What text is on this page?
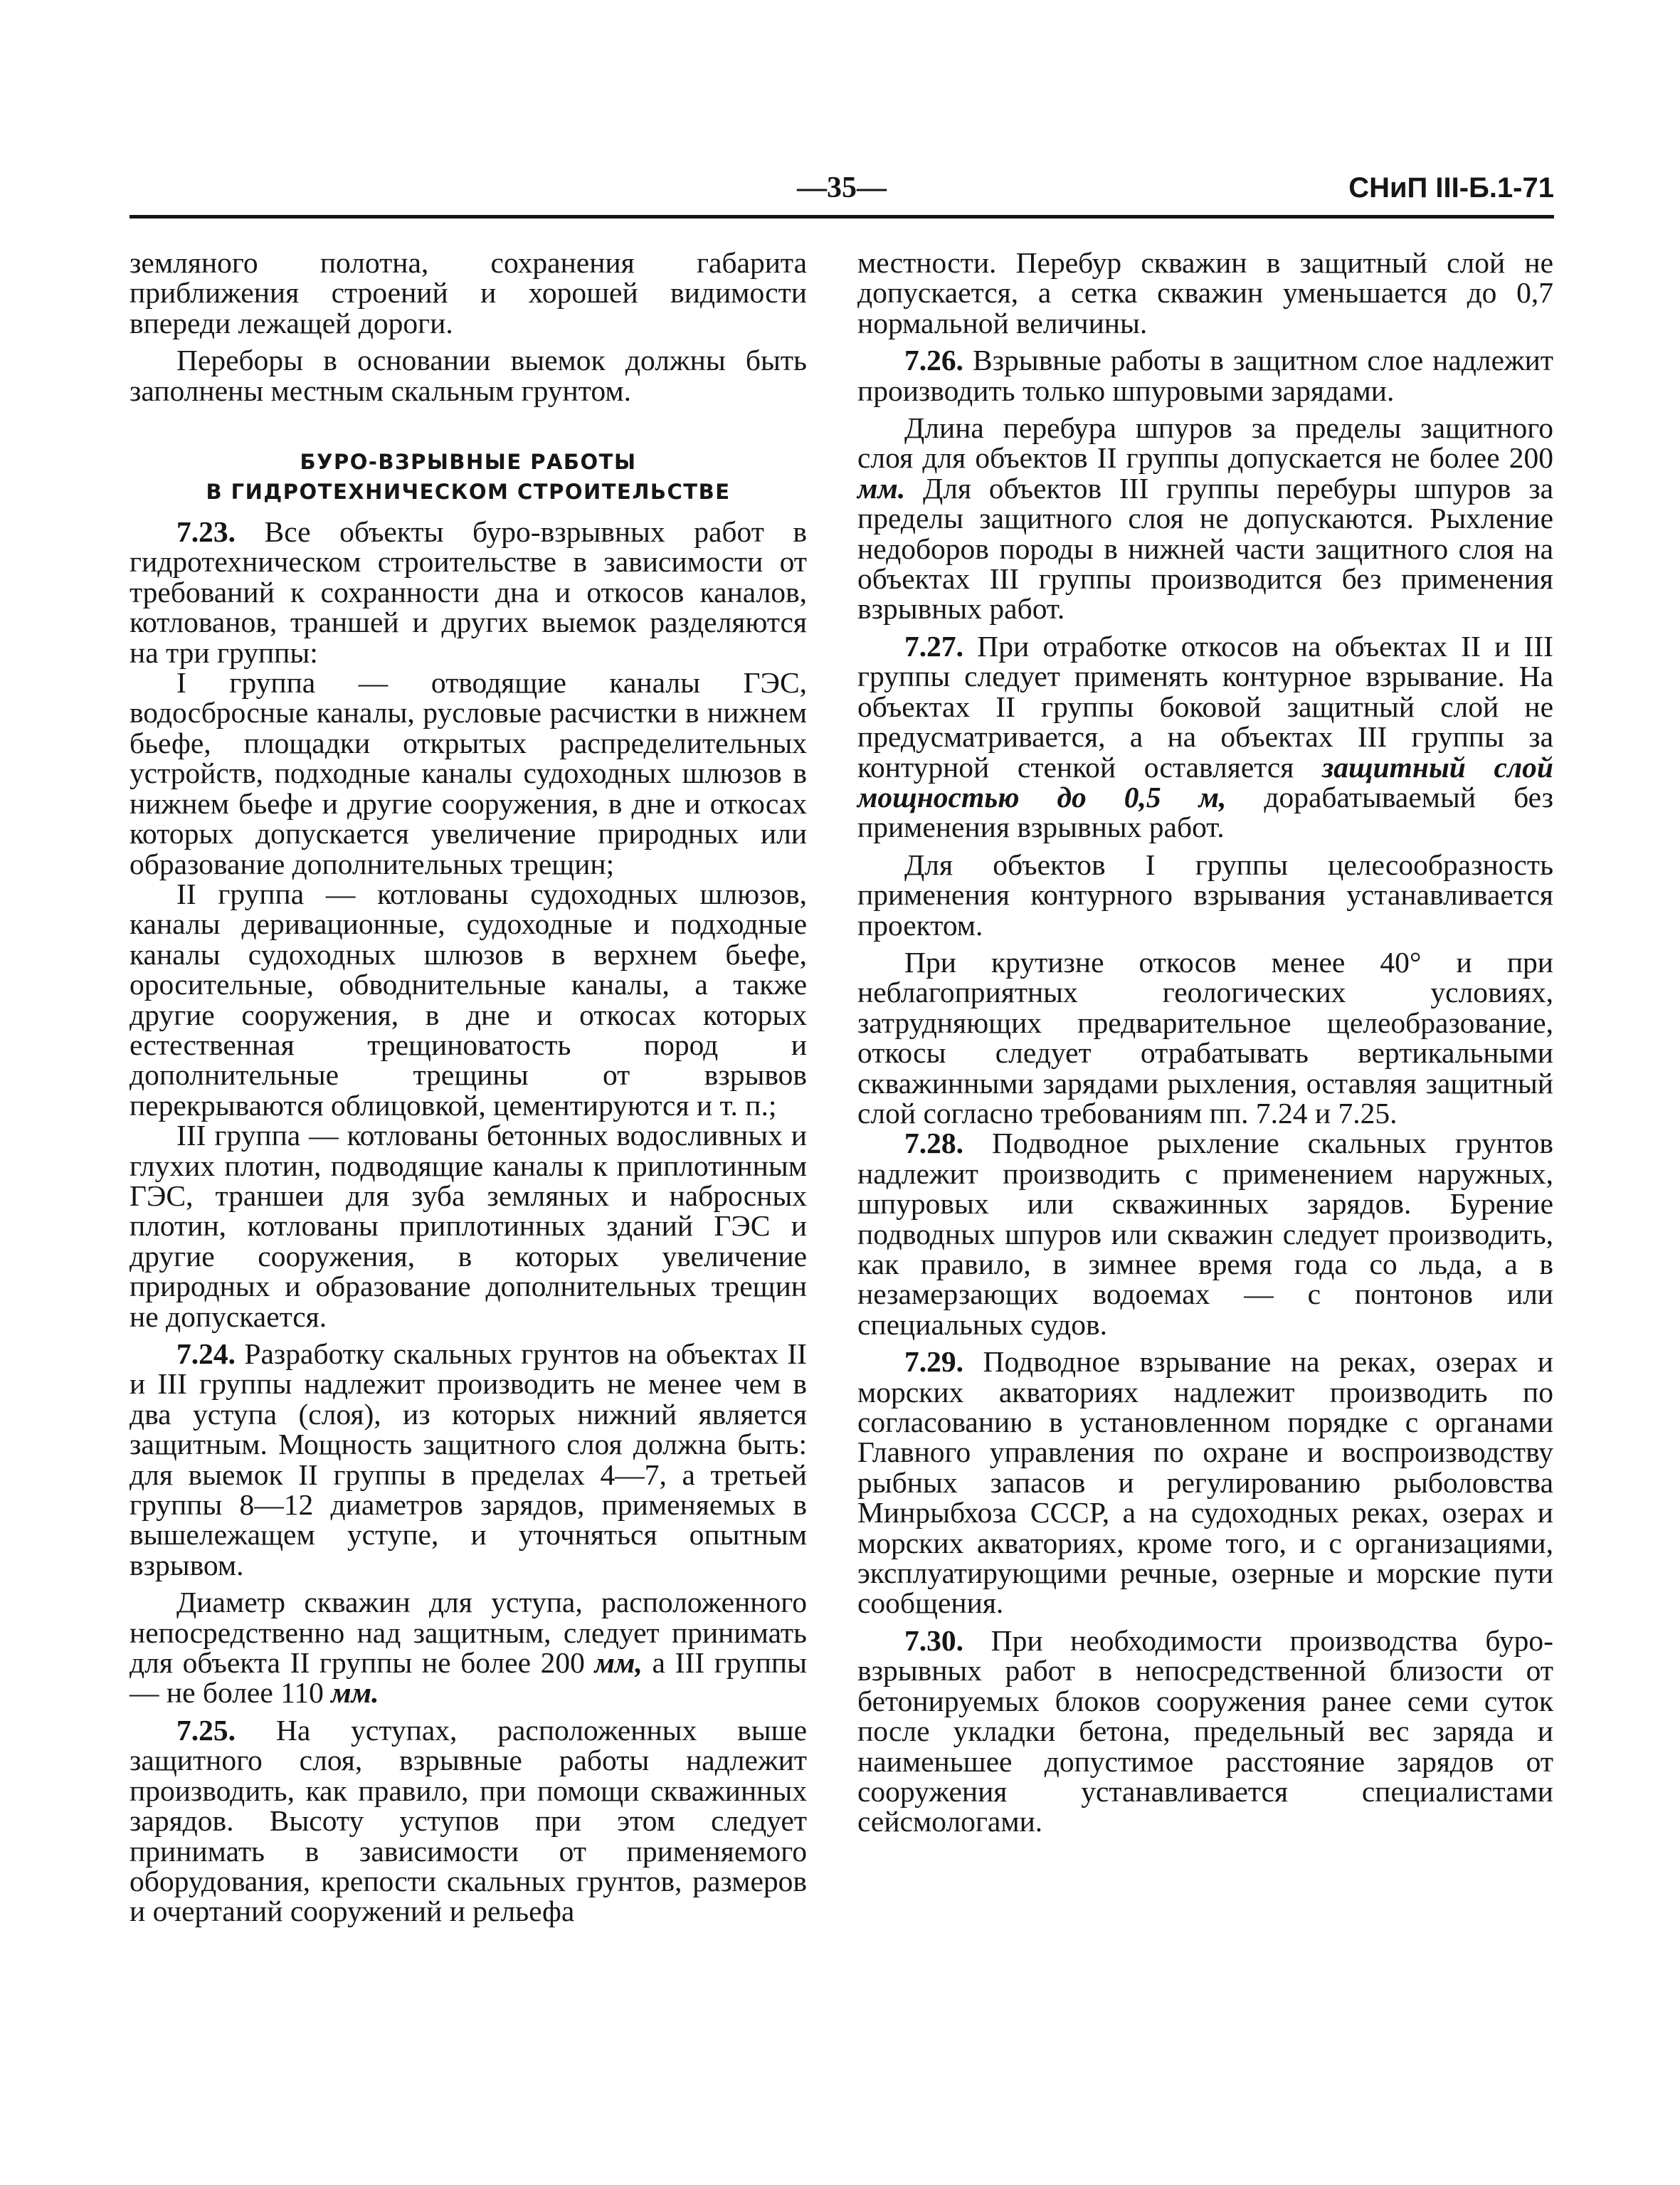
—35—	СНиП III-Б.1-71

земляного полотна, сохранения габарита приближения строений и хорошей видимости впереди лежащей дороги.

Переборы в основании выемок должны быть заполнены местным скальным грунтом.

БУРО-ВЗРЫВНЫЕ РАБОТЫ
В ГИДРОТЕХНИЧЕСКОМ СТРОИТЕЛЬСТВЕ

7.23. Все объекты буро-взрывных работ в гидротехническом строительстве в зависимости от требований к сохранности дна и откосов каналов, котлованов, траншей и других выемок разделяются на три группы:

I группа — отводящие каналы ГЭС, водосбросные каналы, русловые расчистки в нижнем бьефе, площадки открытых распределительных устройств, подходные каналы судоходных шлюзов в нижнем бьефе и другие сооружения, в дне и откосах которых допускается увеличение природных или образование дополнительных трещин;

II группа — котлованы судоходных шлюзов, каналы деривационные, судоходные и подходные каналы судоходных шлюзов в верхнем бьефе, оросительные, обводнительные каналы, а также другие сооружения, в дне и откосах которых естественная трещиноватость пород и дополнительные трещины от взрывов перекрываются облицовкой, цементируются и т. п.;

III группа — котлованы бетонных водосливных и глухих плотин, подводящие каналы к приплотинным ГЭС, траншеи для зуба земляных и набросных плотин, котлованы приплотинных зданий ГЭС и другие сооружения, в которых увеличение природных и образование дополнительных трещин не допускается.

7.24. Разработку скальных грунтов на объектах II и III группы надлежит производить не менее чем в два уступа (слоя), из которых нижний является защитным. Мощность защитного слоя должна быть: для выемок II группы в пределах 4—7, а третьей группы 8—12 диаметров зарядов, применяемых в вышележащем уступе, и уточняться опытным взрывом.

Диаметр скважин для уступа, расположенного непосредственно над защитным, следует принимать для объекта II группы не более 200 мм, а III группы — не более 110 мм.

7.25. На уступах, расположенных выше защитного слоя, взрывные работы надлежит производить, как правило, при помощи скважинных зарядов. Высоту уступов при этом следует принимать в зависимости от применяемого оборудования, крепости скальных грунтов, размеров и очертаний сооружений и рельефа

местности. Перебур скважин в защитный слой не допускается, а сетка скважин уменьшается до 0,7 нормальной величины.

7.26. Взрывные работы в защитном слое надлежит производить только шпуровыми зарядами.

Длина перебура шпуров за пределы защитного слоя для объектов II группы допускается не более 200 мм. Для объектов III группы перебуры шпуров за пределы защитного слоя не допускаются. Рыхление недоборов породы в нижней части защитного слоя на объектах III группы производится без применения взрывных работ.

7.27. При отработке откосов на объектах II и III группы следует применять контурное взрывание. На объектах II группы боковой защитный слой не предусматривается, а на объектах III группы за контурной стенкой оставляется защитный слой мощностью до 0,5 м, дорабатываемый без применения взрывных работ.

Для объектов I группы целесообразность применения контурного взрывания устанавливается проектом.

При крутизне откосов менее 40° и при неблагоприятных геологических условиях, затрудняющих предварительное щелеобразование, откосы следует отрабатывать вертикальными скважинными зарядами рыхления, оставляя защитный слой согласно требованиям пп. 7.24 и 7.25.

7.28. Подводное рыхление скальных грунтов надлежит производить с применением наружных, шпуровых или скважинных зарядов. Бурение подводных шпуров или скважин следует производить, как правило, в зимнее время года со льда, а в незамерзающих водоемах — с понтонов или специальных судов.

7.29. Подводное взрывание на реках, озерах и морских акваториях надлежит производить по согласованию в установленном порядке с органами Главного управления по охране и воспроизводству рыбных запасов и регулированию рыболовства Минрыбхоза СССР, а на судоходных реках, озерах и морских акваториях, кроме того, и с организациями, эксплуатирующими речные, озерные и морские пути сообщения.

7.30. При необходимости производства буро-взрывных работ в непосредственной близости от бетонируемых блоков сооружения ранее семи суток после укладки бетона, предельный вес заряда и наименьшее допустимое расстояние зарядов от сооружения устанавливается специалистами сейсмологами.
